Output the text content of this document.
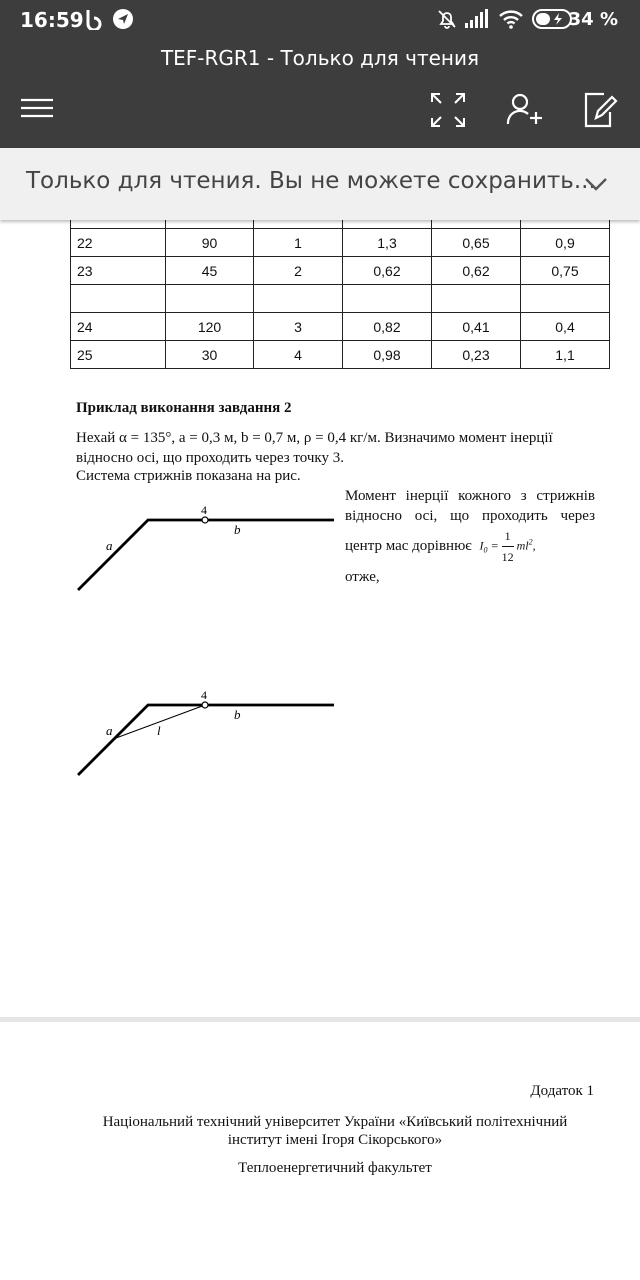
16:59	34 %
TEF-RGR1 - Только для чтения
Только для чтения. Вы не можете сохранить...

22	90	1	1,3	0,65	0,9
23	45	2	0,62	0,62	0,75

24	120	3	0,82	0,41	0,4
25	30	4	0,98	0,23	1,1
Приклад виконання завдання 2
Нехай α = 135°, a = 0,3 м, b = 0,7 м, ρ = 0,4 кг/м. Визначимо момент інерції
відносно осі, що проходить через точку 3.
Система стрижнів показана на рис.
Момент інерції кожного з стрижнів відносно осі, що проходить через центр мас дорівнює $I_0 = \frac{1}{12} ml^2$,
отже,
4
a
b
4
a	l
b
Додаток 1
Національний технічний університет України «Київський політехнічний
інститут імені Ігоря Сікорського»
Теплоенергетичний факультет
